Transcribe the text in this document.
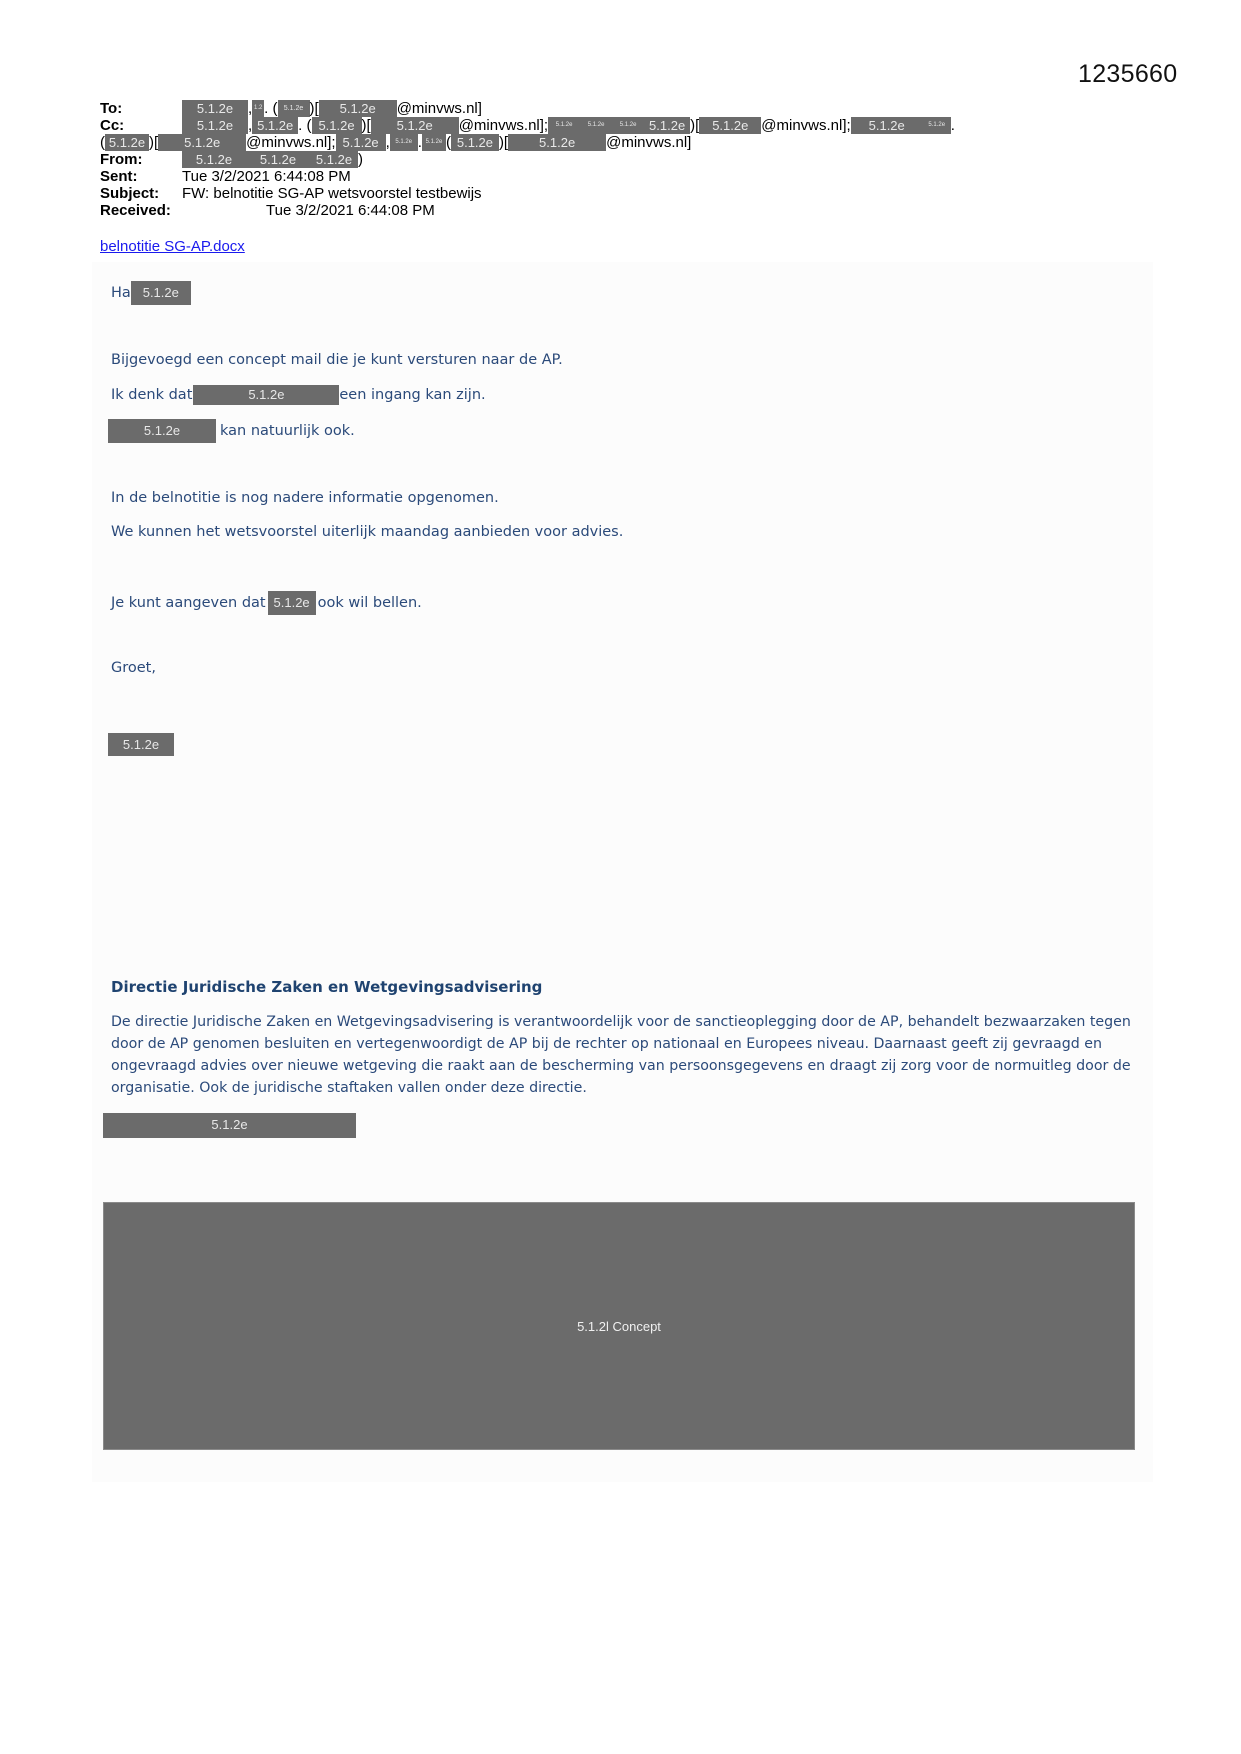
1235660
To:	5.1.2e , 1.2 . ( 5.1.2e )[	5.1.2e	@minvws.nl]
Cc:	5.1.2e , 5.1.2e . ( 5.1.2e )[	5.1.2e	@minvws.nl];	5.1.2e	5.1.2e	5.1.2e 5.1.2e )[ 5.1.2e @minvws.nl];	5.1.2e	5.1.2e .
( 5.1.2e )[	5.1.2e	@minvws.nl]; 5.1.2e , 5.1.2e . 5.1.2e ( 5.1.2e )[	5.1.2e	@minvws.nl]
From:	5.1.2e	5.1.2e	5.1.2e )
Sent:	Tue 3/2/2021 6:44:08 PM
Subject:	FW: belnotitie SG-AP wetsvoorstel testbewijs
Received:	Tue 3/2/2021 6:44:08 PM
belnotitie SG-AP.docx
Ha 5.1.2e
Bijgevoegd een concept mail die je kunt versturen naar de AP.
Ik denk dat	5.1.2e	een ingang kan zijn.
5.1.2e	kan natuurlijk ook.
In de belnotitie is nog nadere informatie opgenomen.
We kunnen het wetsvoorstel uiterlijk maandag aanbieden voor advies.
Je kunt aangeven dat 5.1.2e ook wil bellen.
Groet,
5.1.2e
Directie Juridische Zaken en Wetgevingsadvisering
De directie Juridische Zaken en Wetgevingsadvisering is verantwoordelijk voor de sanctieoplegging door de AP, behandelt bezwaarzaken tegen door de AP genomen besluiten en vertegenwoordigt de AP bij de rechter op nationaal en Europees niveau. Daarnaast geeft zij gevraagd en ongevraagd advies over nieuwe wetgeving die raakt aan de bescherming van persoonsgegevens en draagt zij zorg voor de normuitleg door de organisatie. Ook de juridische staftaken vallen onder deze directie.
5.1.2e
5.1.2l Concept
